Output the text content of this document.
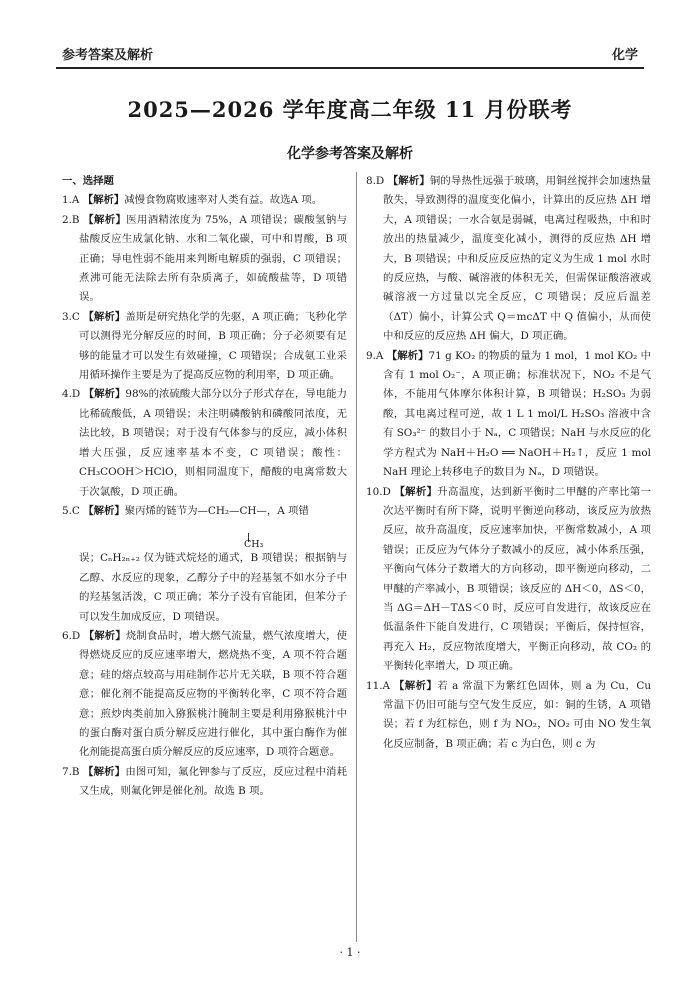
参考答案及解析	化学
2025—2026 学年度高二年级 11 月份联考
化学参考答案及解析

一、选择题

1.A 【解析】减慢食物腐败速率对人类有益。故选A 项。

2.B 【解析】医用酒精浓度为 75%，A 项错误；碳酸氢钠与盐酸反应生成氯化钠、水和二氧化碳，可中和胃酸，B 项正确；导电性弱不能用来判断电解质的强弱，C 项错误；煮沸可能无法除去所有杂质离子，如硫酸盐等，D 项错误。

3.C 【解析】盖斯是研究热化学的先驱，A 项正确；飞秒化学可以测得光分解反应的时间，B 项正确；分子必须要有足够的能量才可以发生有效碰撞，C 项错误；合成氨工业采用循环操作主要是为了提高反应物的利用率，D 项正确。

4.D 【解析】98%的浓硫酸大部分以分子形式存在，导电能力比稀硫酸低，A 项错误；未注明磷酸钠和磷酸同浓度，无法比较，B 项错误；对于没有气体参与的反应，减小体积增大压强，反应速率基本不变，C 项错误；酸性：CH₃COOH＞HClO，则相同温度下，醋酸的电离常数大于次氯酸，D 项正确。

5.C 【解析】聚丙烯的链节为—CH₂—CH—，A 项错

CH₃

误；CₙH₂ₙ₊₂ 仅为链式烷烃的通式，B 项错误；根据钠与乙醇、水反应的现象，乙醇分子中的羟基氢不如水分子中的羟基氢活泼，C 项正确；苯分子没有官能团，但苯分子可以发生加成反应，D 项错误。

6.D 【解析】烧制食品时，增大燃气流量，燃气浓度增大，使得燃烧反应的反应速率增大，燃烧热不变，A 项不符合题意；硅的熔点较高与用硅制作芯片无关联，B 项不符合题意；催化剂不能提高反应物的平衡转化率，C 项不符合题意；煎炒肉类前加入猕猴桃汁腌制主要是利用猕猴桃汁中的蛋白酶对蛋白质分解反应进行催化，其中蛋白酶作为催化剂能提高蛋白质分解反应的反应速率，D 项符合题意。

7.B 【解析】由图可知，氟化钾参与了反应，反应过程中消耗又生成，则氟化钾是催化剂。故选 B 项。

8.D 【解析】铜的导热性远强于玻璃，用铜丝搅拌会加速热量散失，导致测得的温度变化偏小，计算出的反应热 ΔH 增大，A 项错误；一水合氨是弱碱，电离过程吸热，中和时放出的热量减少，温度变化减小，测得的反应热 ΔH 增大，B 项错误；中和反应反应热的定义为生成 1 mol 水时的反应热，与酸、碱溶液的体积无关，但需保证酸溶液或碱溶液一方过量以完全反应，C 项错误；反应后温差（ΔT）偏小，计算公式 Q＝mcΔT 中 Q 值偏小，从而使中和反应的反应热 ΔH 偏大，D 项正确。

9.A 【解析】71 g KO₂ 的物质的量为 1 mol，1 mol KO₂ 中含有 1 mol O₂⁻，A 项正确；标准状况下，NO₂ 不是气体，不能用气体摩尔体积计算，B 项错误；H₂SO₃ 为弱酸，其电离过程可逆，故 1 L 1 mol/L H₂SO₃ 溶液中含有 SO₃²⁻ 的数目小于 Nₐ，C 项错误；NaH 与水反应的化学方程式为 NaH＋H₂O ══ NaOH＋H₂↑，反应 1 mol NaH 理论上转移电子的数目为 Nₐ，D 项错误。

10.D 【解析】升高温度，达到新平衡时二甲醚的产率比第一次达平衡时有所下降，说明平衡逆向移动，该反应为放热反应，故升高温度，反应速率加快，平衡常数减小，A 项错误；正反应为气体分子数减小的反应，减小体系压强，平衡向气体分子数增大的方向移动，即平衡逆向移动，二甲醚的产率减小，B 项错误；该反应的 ΔH＜0，ΔS＜0，当 ΔG＝ΔH－TΔS＜0 时，反应可自发进行，故该反应在低温条件下能自发进行，C 项错误；平衡后，保持恒容，再充入 H₂，反应物浓度增大，平衡正向移动，故 CO₂ 的平衡转化率增大，D 项正确。

11.A 【解析】若 a 常温下为紫红色固体，则 a 为 Cu，Cu 常温下仍旧可能与空气发生反应，如：铜的生锈，A 项错误；若 f 为红棕色，则 f 为 NO₂，NO₂ 可由 NO 发生氧化反应制备，B 项正确；若 c 为白色，则 c 为

· 1 ·
